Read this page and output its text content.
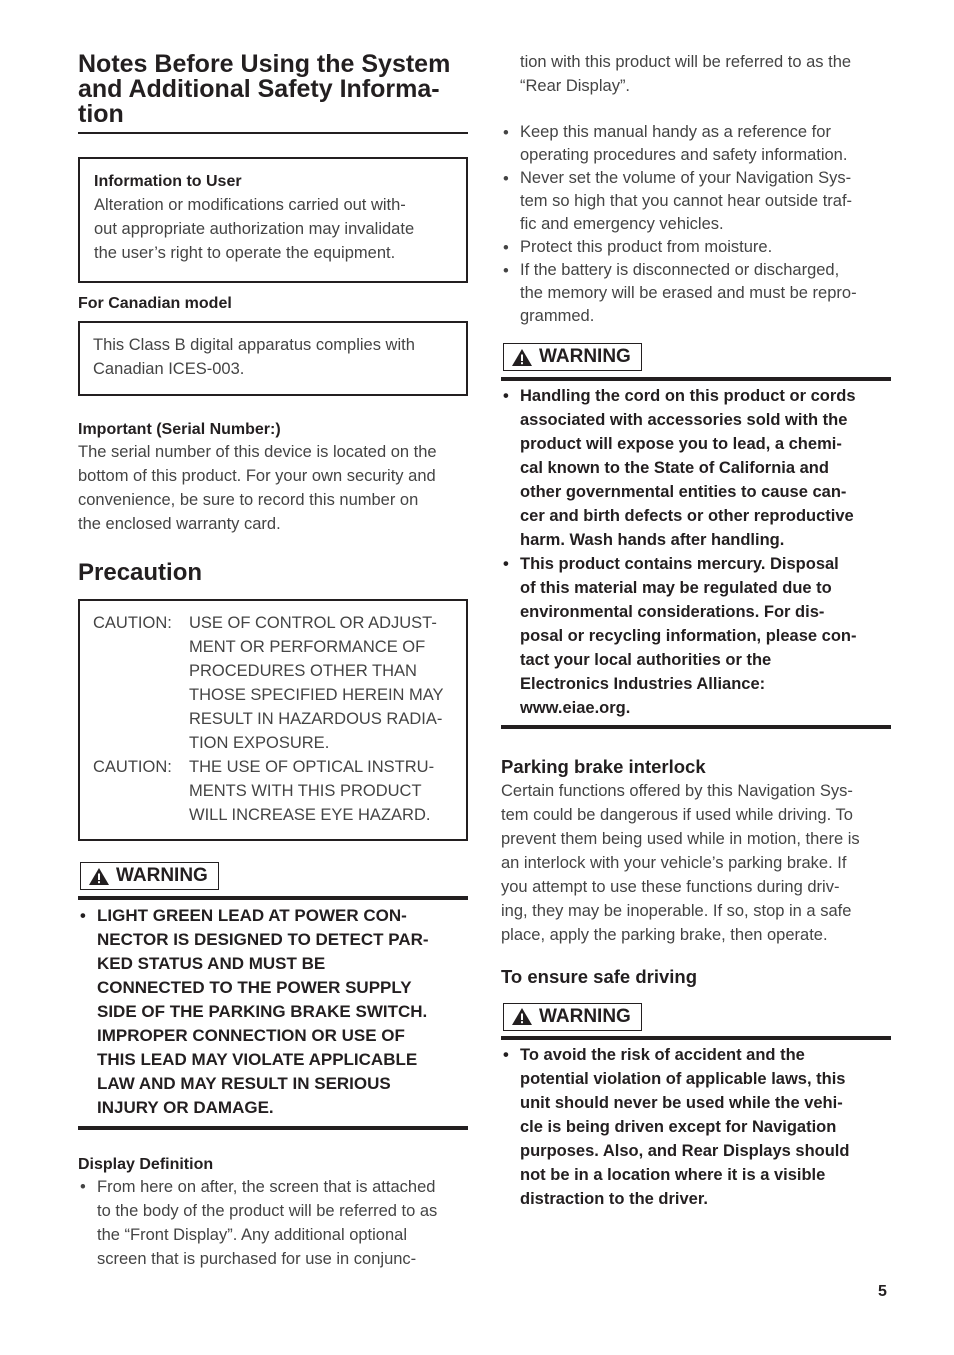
Notes Before Using the System
and Additional Safety Informa-
tion
Information to User
Alteration or modifications carried out with-
out appropriate authorization may invalidate
the user’s right to operate the equipment.
For Canadian model
This Class B digital apparatus complies with
Canadian ICES-003.
Important (Serial Number:)
The serial number of this device is located on the
bottom of this product. For your own security and
convenience, be sure to record this number on
the enclosed warranty card.
Precaution
CAUTION:	USE OF CONTROL OR ADJUST-
MENT OR PERFORMANCE OF
PROCEDURES OTHER THAN
THOSE SPECIFIED HEREIN MAY
RESULT IN HAZARDOUS RADIA-
TION EXPOSURE.
CAUTION:	THE USE OF OPTICAL INSTRU-
MENTS WITH THIS PRODUCT
WILL INCREASE EYE HAZARD.
WARNING
• LIGHT GREEN LEAD AT POWER CON-
NECTOR IS DESIGNED TO DETECT PAR-
KED STATUS AND MUST BE
CONNECTED TO THE POWER SUPPLY
SIDE OF THE PARKING BRAKE SWITCH.
IMPROPER CONNECTION OR USE OF
THIS LEAD MAY VIOLATE APPLICABLE
LAW AND MAY RESULT IN SERIOUS
INJURY OR DAMAGE.
Display Definition
• From here on after, the screen that is attached
to the body of the product will be referred to as
the “Front Display”. Any additional optional
screen that is purchased for use in conjunc-
tion with this product will be referred to as the
“Rear Display”.
• Keep this manual handy as a reference for
operating procedures and safety information.
• Never set the volume of your Navigation Sys-
tem so high that you cannot hear outside traf-
fic and emergency vehicles.
• Protect this product from moisture.
• If the battery is disconnected or discharged,
the memory will be erased and must be repro-
grammed.
WARNING
• Handling the cord on this product or cords
associated with accessories sold with the
product will expose you to lead, a chemi-
cal known to the State of California and
other governmental entities to cause can-
cer and birth defects or other reproductive
harm. Wash hands after handling.
• This product contains mercury. Disposal
of this material may be regulated due to
environmental considerations. For dis-
posal or recycling information, please con-
tact your local authorities or the
Electronics Industries Alliance:
www.eiae.org.
Parking brake interlock
Certain functions offered by this Navigation Sys-
tem could be dangerous if used while driving. To
prevent them being used while in motion, there is
an interlock with your vehicle’s parking brake. If
you attempt to use these functions during driv-
ing, they may be inoperable. If so, stop in a safe
place, apply the parking brake, then operate.
To ensure safe driving
WARNING
• To avoid the risk of accident and the
potential violation of applicable laws, this
unit should never be used while the vehi-
cle is being driven except for Navigation
purposes. Also, and Rear Displays should
not be in a location where it is a visible
distraction to the driver.
5
